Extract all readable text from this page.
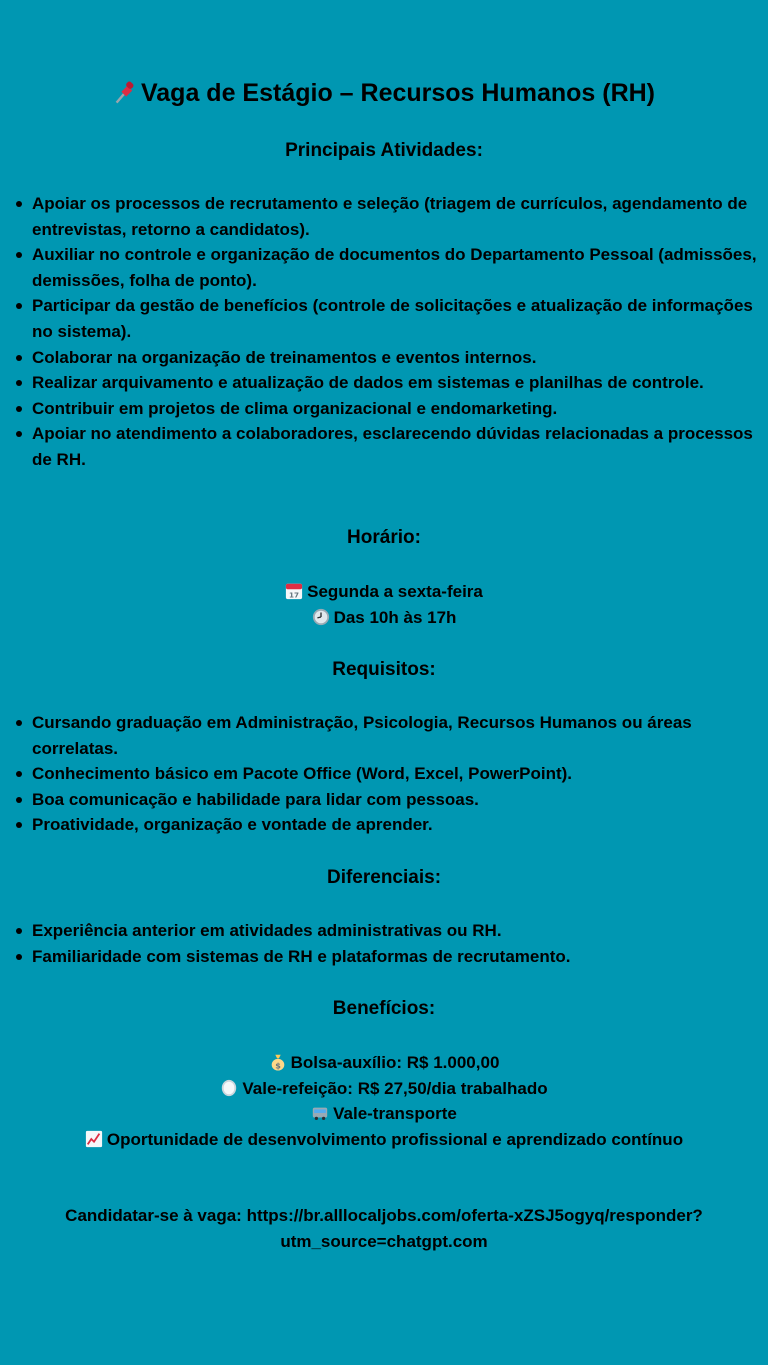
Vaga de Estágio – Recursos Humanos (RH)
Principais Atividades:
Apoiar os processos de recrutamento e seleção (triagem de currículos, agendamento de entrevistas, retorno a candidatos).
Auxiliar no controle e organização de documentos do Departamento Pessoal (admissões, demissões, folha de ponto).
Participar da gestão de benefícios (controle de solicitações e atualização de informações no sistema).
Colaborar na organização de treinamentos e eventos internos.
Realizar arquivamento e atualização de dados em sistemas e planilhas de controle.
Contribuir em projetos de clima organizacional e endomarketing.
Apoiar no atendimento a colaboradores, esclarecendo dúvidas relacionadas a processos de RH.
Horário:
17 Segunda a sexta-feira
Das 10h às 17h
Requisitos:
Cursando graduação em Administração, Psicologia, Recursos Humanos ou áreas correlatas.
Conhecimento básico em Pacote Office (Word, Excel, PowerPoint).
Boa comunicação e habilidade para lidar com pessoas.
Proatividade, organização e vontade de aprender.
Diferenciais:
Experiência anterior em atividades administrativas ou RH.
Familiaridade com sistemas de RH e plataformas de recrutamento.
Benefícios:
$ Bolsa-auxílio: R$ 1.000,00
Vale-refeição: R$ 27,50/dia trabalhado
Vale-transporte
Oportunidade de desenvolvimento profissional e aprendizado contínuo
Candidatar-se à vaga: https://br.alllocaljobs.com/oferta-xZSJ5ogyq/responder?utm_source=chatgpt.com
